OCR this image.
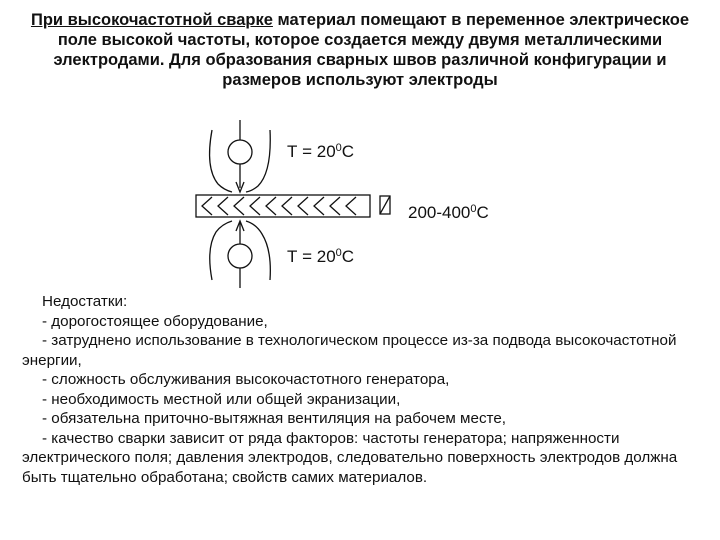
При высокочастотной сварке материал помещают в переменное электрическое поле высокой частоты, которое создается между двумя металлическими электродами. Для образования сварных швов различной конфигурации и размеров используют электроды
$Т = 20^0С$
$200-400^0С$
$Т = 20^0С$

Недостатки:

- дорогостоящее оборудование,

- затруднено использование в технологическом процессе из-за подвода высокочастотной энергии,

- сложность обслуживания высокочастотного генератора,

- необходимость местной или общей экранизации,

- обязательна приточно-вытяжная вентиляция на рабочем месте,

- качество сварки зависит от ряда факторов: частоты генератора; напряженности электрического поля; давления электродов, следовательно поверхность электродов должна быть тщательно обработана; свойств самих материалов.
